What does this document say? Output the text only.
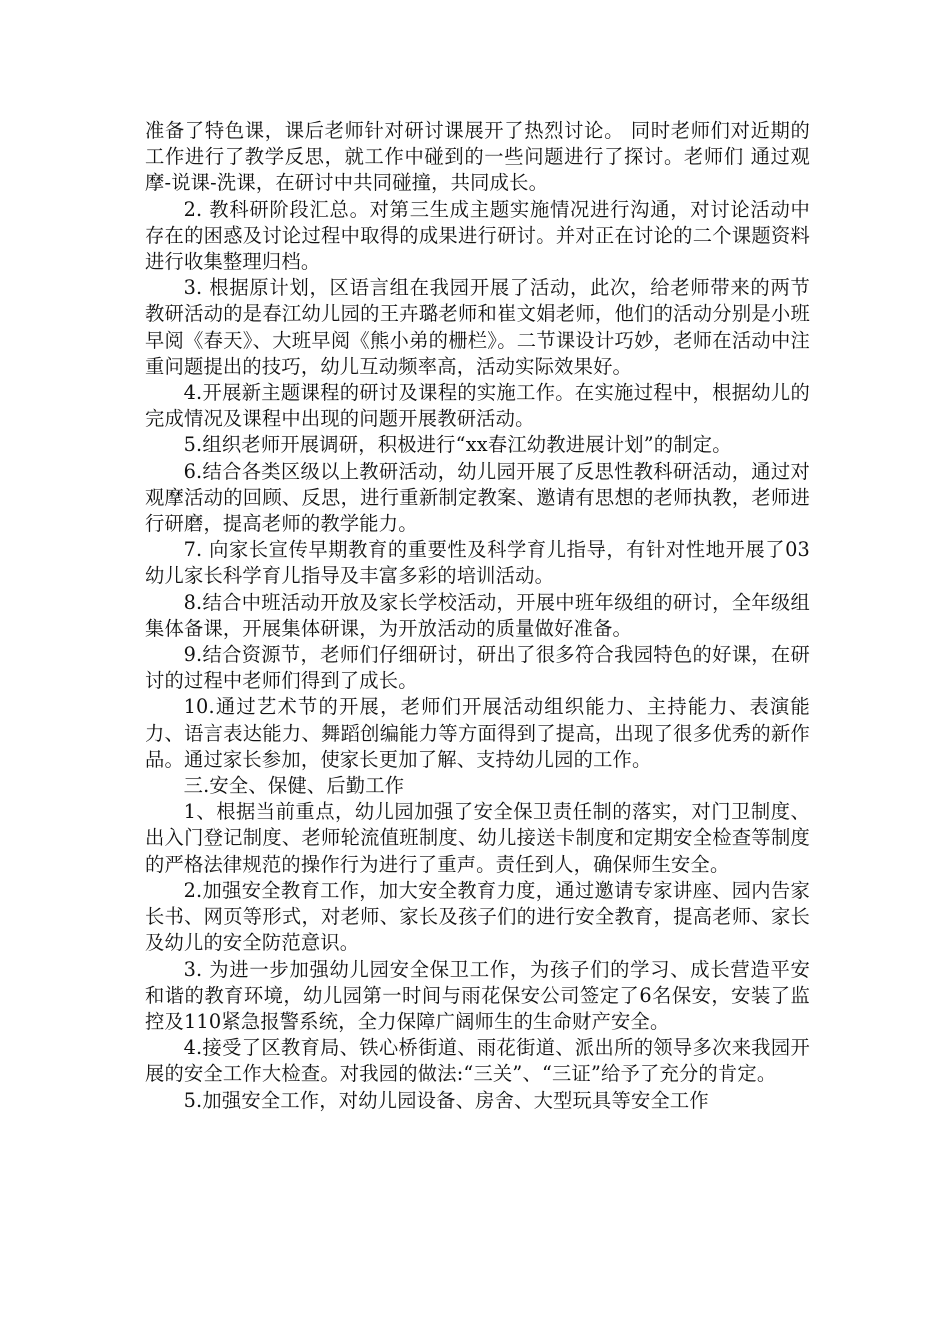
准备了特色课，课后老师针对研讨课展开了热烈讨论。 同时老师们对近期的工作进行了教学反思，就工作中碰到的一些问题进行了探讨。老师们 通过观摩-说课-洗课，在研讨中共同碰撞，共同成长。

2. 教科研阶段汇总。对第三生成主题实施情况进行沟通，对讨论活动中存在的困惑及讨论过程中取得的成果进行研讨。并对正在讨论的二个课题资料进行收集整理归档。

3. 根据原计划，区语言组在我园开展了活动，此次，给老师带来的两节教研活动的是春江幼儿园的王卉璐老师和崔文娟老师，他们的活动分别是小班早阅《春天》、大班早阅《熊小弟的栅栏》。二节课设计巧妙，老师在活动中注重问题提出的技巧，幼儿互动频率高，活动实际效果好。

4.开展新主题课程的研讨及课程的实施工作。在实施过程中，根据幼儿的完成情况及课程中出现的问题开展教研活动。

5.组织老师开展调研，积极进行“xx春江幼教进展计划”的制定。

6.结合各类区级以上教研活动，幼儿园开展了反思性教科研活动，通过对观摩活动的回顾、反思，进行重新制定教案、邀请有思想的老师执教，老师进行研磨，提高老师的教学能力。

7. 向家长宣传早期教育的重要性及科学育儿指导，有针对性地开展了03幼儿家长科学育儿指导及丰富多彩的培训活动。

8.结合中班活动开放及家长学校活动，开展中班年级组的研讨，全年级组集体备课，开展集体研课，为开放活动的质量做好准备。

9.结合资源节，老师们仔细研讨，研出了很多符合我园特色的好课，在研讨的过程中老师们得到了成长。

10.通过艺术节的开展，老师们开展活动组织能力、主持能力、表演能力、语言表达能力、舞蹈创编能力等方面得到了提高，出现了很多优秀的新作品。通过家长参加，使家长更加了解、支持幼儿园的工作。

三.安全、保健、后勤工作

1、根据当前重点，幼儿园加强了安全保卫责任制的落实，对门卫制度、出入门登记制度、老师轮流值班制度、幼儿接送卡制度和定期安全检查等制度的严格法律规范的操作行为进行了重声。责任到人，确保师生安全。

2.加强安全教育工作，加大安全教育力度，通过邀请专家讲座、园内告家长书、网页等形式，对老师、家长及孩子们的进行安全教育，提高老师、家长及幼儿的安全防范意识。

3. 为进一步加强幼儿园安全保卫工作，为孩子们的学习、成长营造平安和谐的教育环境，幼儿园第一时间与雨花保安公司签定了6名保安，安装了监控及110紧急报警系统，全力保障广阔师生的生命财产安全。

4.接受了区教育局、铁心桥街道、雨花街道、派出所的领导多次来我园开展的安全工作大检查。对我园的做法:“三关”、“三证”给予了充分的肯定。

5.加强安全工作，对幼儿园设备、房舍、大型玩具等安全工作
